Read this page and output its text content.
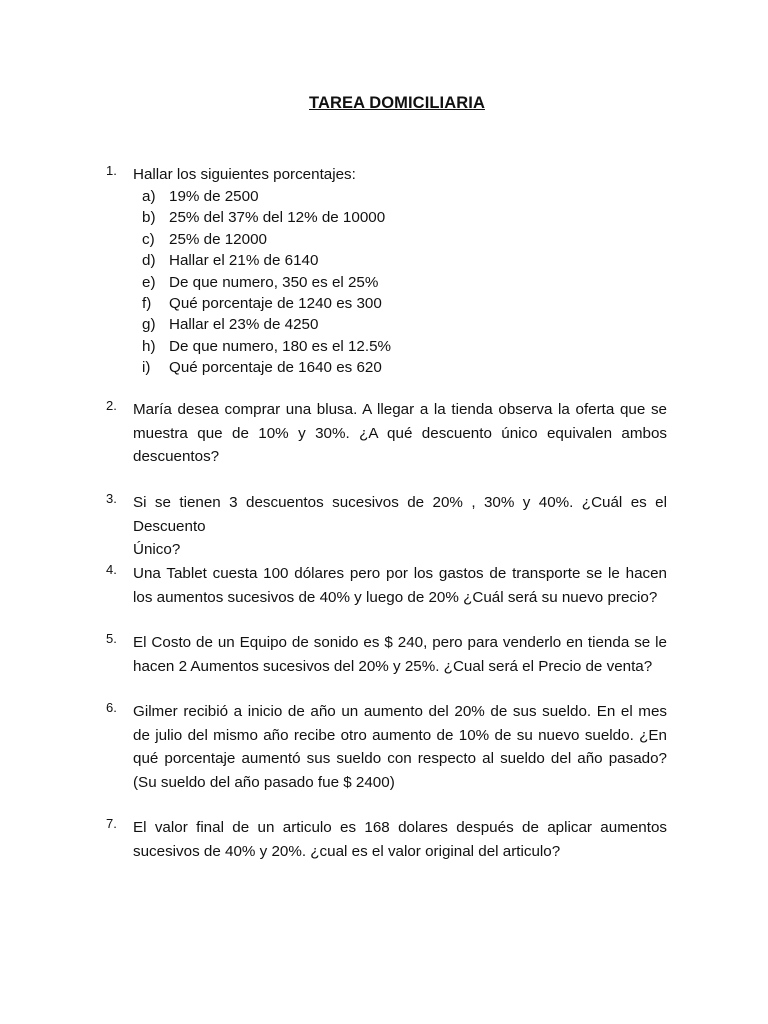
TAREA DOMICILIARIA
1. Hallar los siguientes porcentajes:
a) 19% de 2500
b) 25% del 37% del 12% de 10000
c) 25% de 12000
d) Hallar el 21% de 6140
e) De que numero, 350 es el 25%
f) Qué porcentaje de 1240 es 300
g) Hallar el 23% de 4250
h) De que numero, 180 es el 12.5%
i) Qué porcentaje de 1640 es 620
2. María desea comprar una blusa. A llegar a la tienda observa la oferta que se
muestra que de 10% y 30%. ¿A qué descuento único equivalen ambos
descuentos?
3. Si se tienen 3 descuentos sucesivos de 20% , 30% y 40%. ¿Cuál es el Descuento
Único?
4. Una Tablet cuesta 100 dólares pero por los gastos de transporte se le hacen
los aumentos sucesivos de 40% y luego de 20% ¿Cuál será su nuevo precio?
5. El Costo de un Equipo de sonido es $ 240, pero para venderlo en tienda se le
hacen 2 Aumentos sucesivos del 20% y 25%. ¿Cual será el Precio de venta?
6. Gilmer recibió a inicio de año un aumento del 20% de sus sueldo. En el mes
de julio del mismo año recibe otro aumento de 10% de su nuevo sueldo. ¿En
qué porcentaje aumentó sus sueldo con respecto al sueldo del año pasado?
(Su sueldo del año pasado fue $ 2400)
7. El valor final de un articulo es 168 dolares después de aplicar aumentos
sucesivos de 40% y 20%. ¿cual es el valor original del articulo?
